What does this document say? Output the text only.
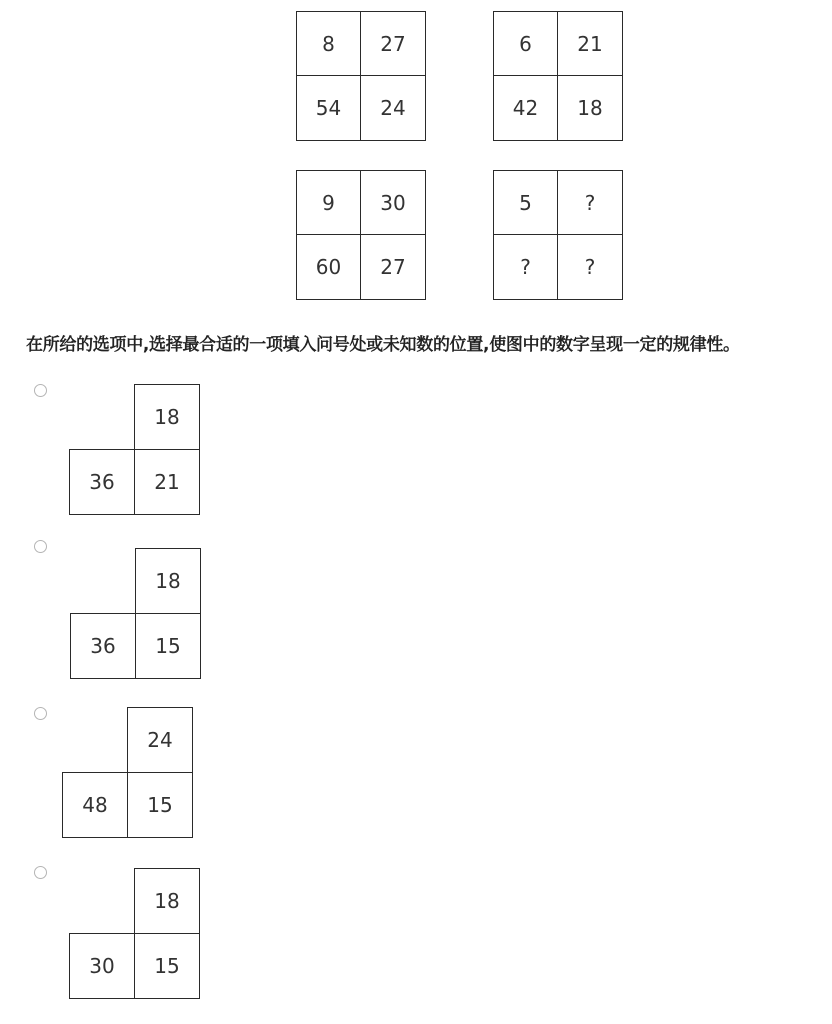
8	27
54	24
6	21
42	18
9	30
60	27
5	?
?	?
在所给的选项中,选择最合适的一项填入问号处或未知数的位置,使图中的数字呈现一定的规律性。
18
36	21
18
36	15
24
48	15
18
30	15
